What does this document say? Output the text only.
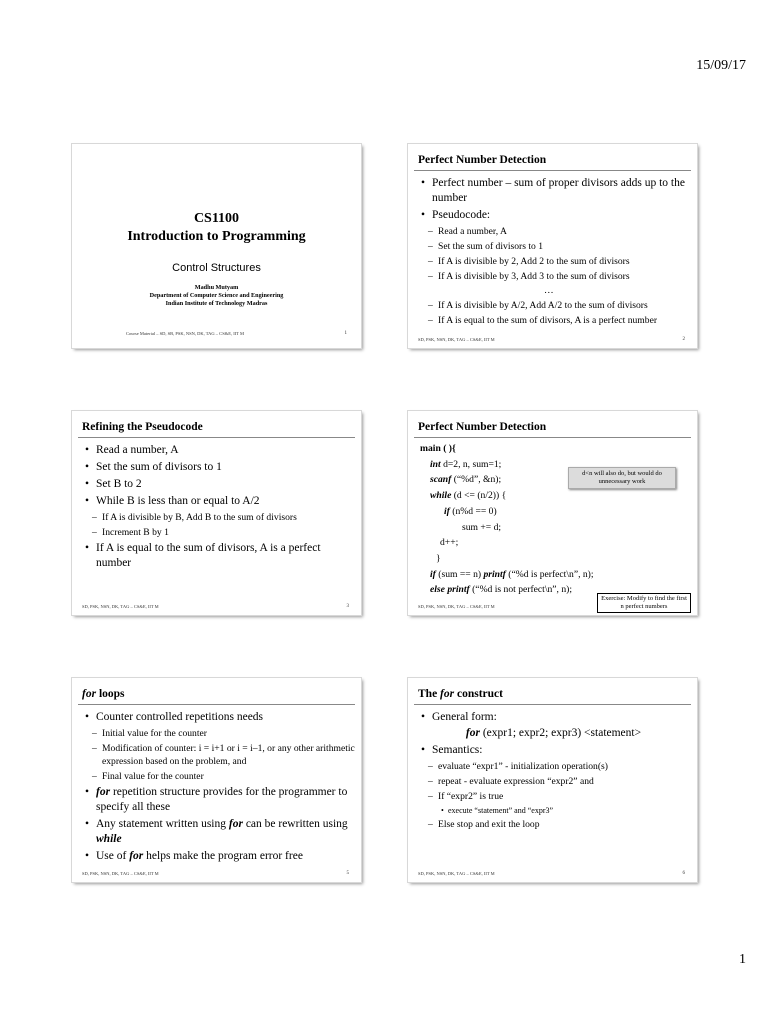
15/09/17
CS1100
Introduction to Programming
Control Structures
Madhu Mutyam
Department of Computer Science and Engineering
Indian Institute of Technology Madras
Course Material – SD, SB, PSK, NSN, DK, TAG – CS&E, IIT M	1
Perfect Number Detection
• Perfect number – sum of proper divisors adds up to the number
• Pseudocode:
– Read a number, A
– Set the sum of divisors to 1
– If A is divisible by 2, Add 2 to the sum of divisors
– If A is divisible by 3, Add 3 to the sum of divisors
…
– If A is divisible by A/2, Add A/2 to the sum of divisors
– If A is equal to the sum of divisors, A is a perfect number
SD, PSK, NSN, DK, TAG – CS&E, IIT M	2
Refining the Pseudocode
• Read a number, A
• Set the sum of divisors to 1
• Set B to 2
• While B is less than or equal to A/2
– If A is divisible by B, Add B to the sum of divisors
– Increment B by 1
• If A is equal to the sum of divisors, A is a perfect number
SD, PSK, NSN, DK, TAG – CS&E, IIT M	3
Perfect Number Detection
main ( ){
int d=2, n, sum=1;
scanf (“%d”, &n);
while (d <= (n/2)) {
if (n%d == 0)
sum += d;
d++;
}
if (sum == n) printf (“%d is perfect\n”, n);
else printf (“%d is not perfect\n”, n);
d<n will also do, but would do unnecessary work
Exercise: Modify to find the first n perfect numbers
SD, PSK, NSN, DK, TAG – CS&E, IIT M
for loops
• Counter controlled repetitions needs
– Initial value for the counter
– Modification of counter: i = i+1 or i = i–1, or any other arithmetic expression based on the problem, and
– Final value for the counter
• for repetition structure provides for the programmer to specify all these
• Any statement written using for can be rewritten using while
• Use of for helps make the program error free
SD, PSK, NSN, DK, TAG – CS&E, IIT M	5
The for construct
• General form:
for (expr1; expr2; expr3) <statement>
• Semantics:
– evaluate “expr1” - initialization operation(s)
– repeat - evaluate expression “expr2” and
– If “expr2” is true
• execute “statement” and “expr3”
– Else stop and exit the loop
SD, PSK, NSN, DK, TAG – CS&E, IIT M	6
1
